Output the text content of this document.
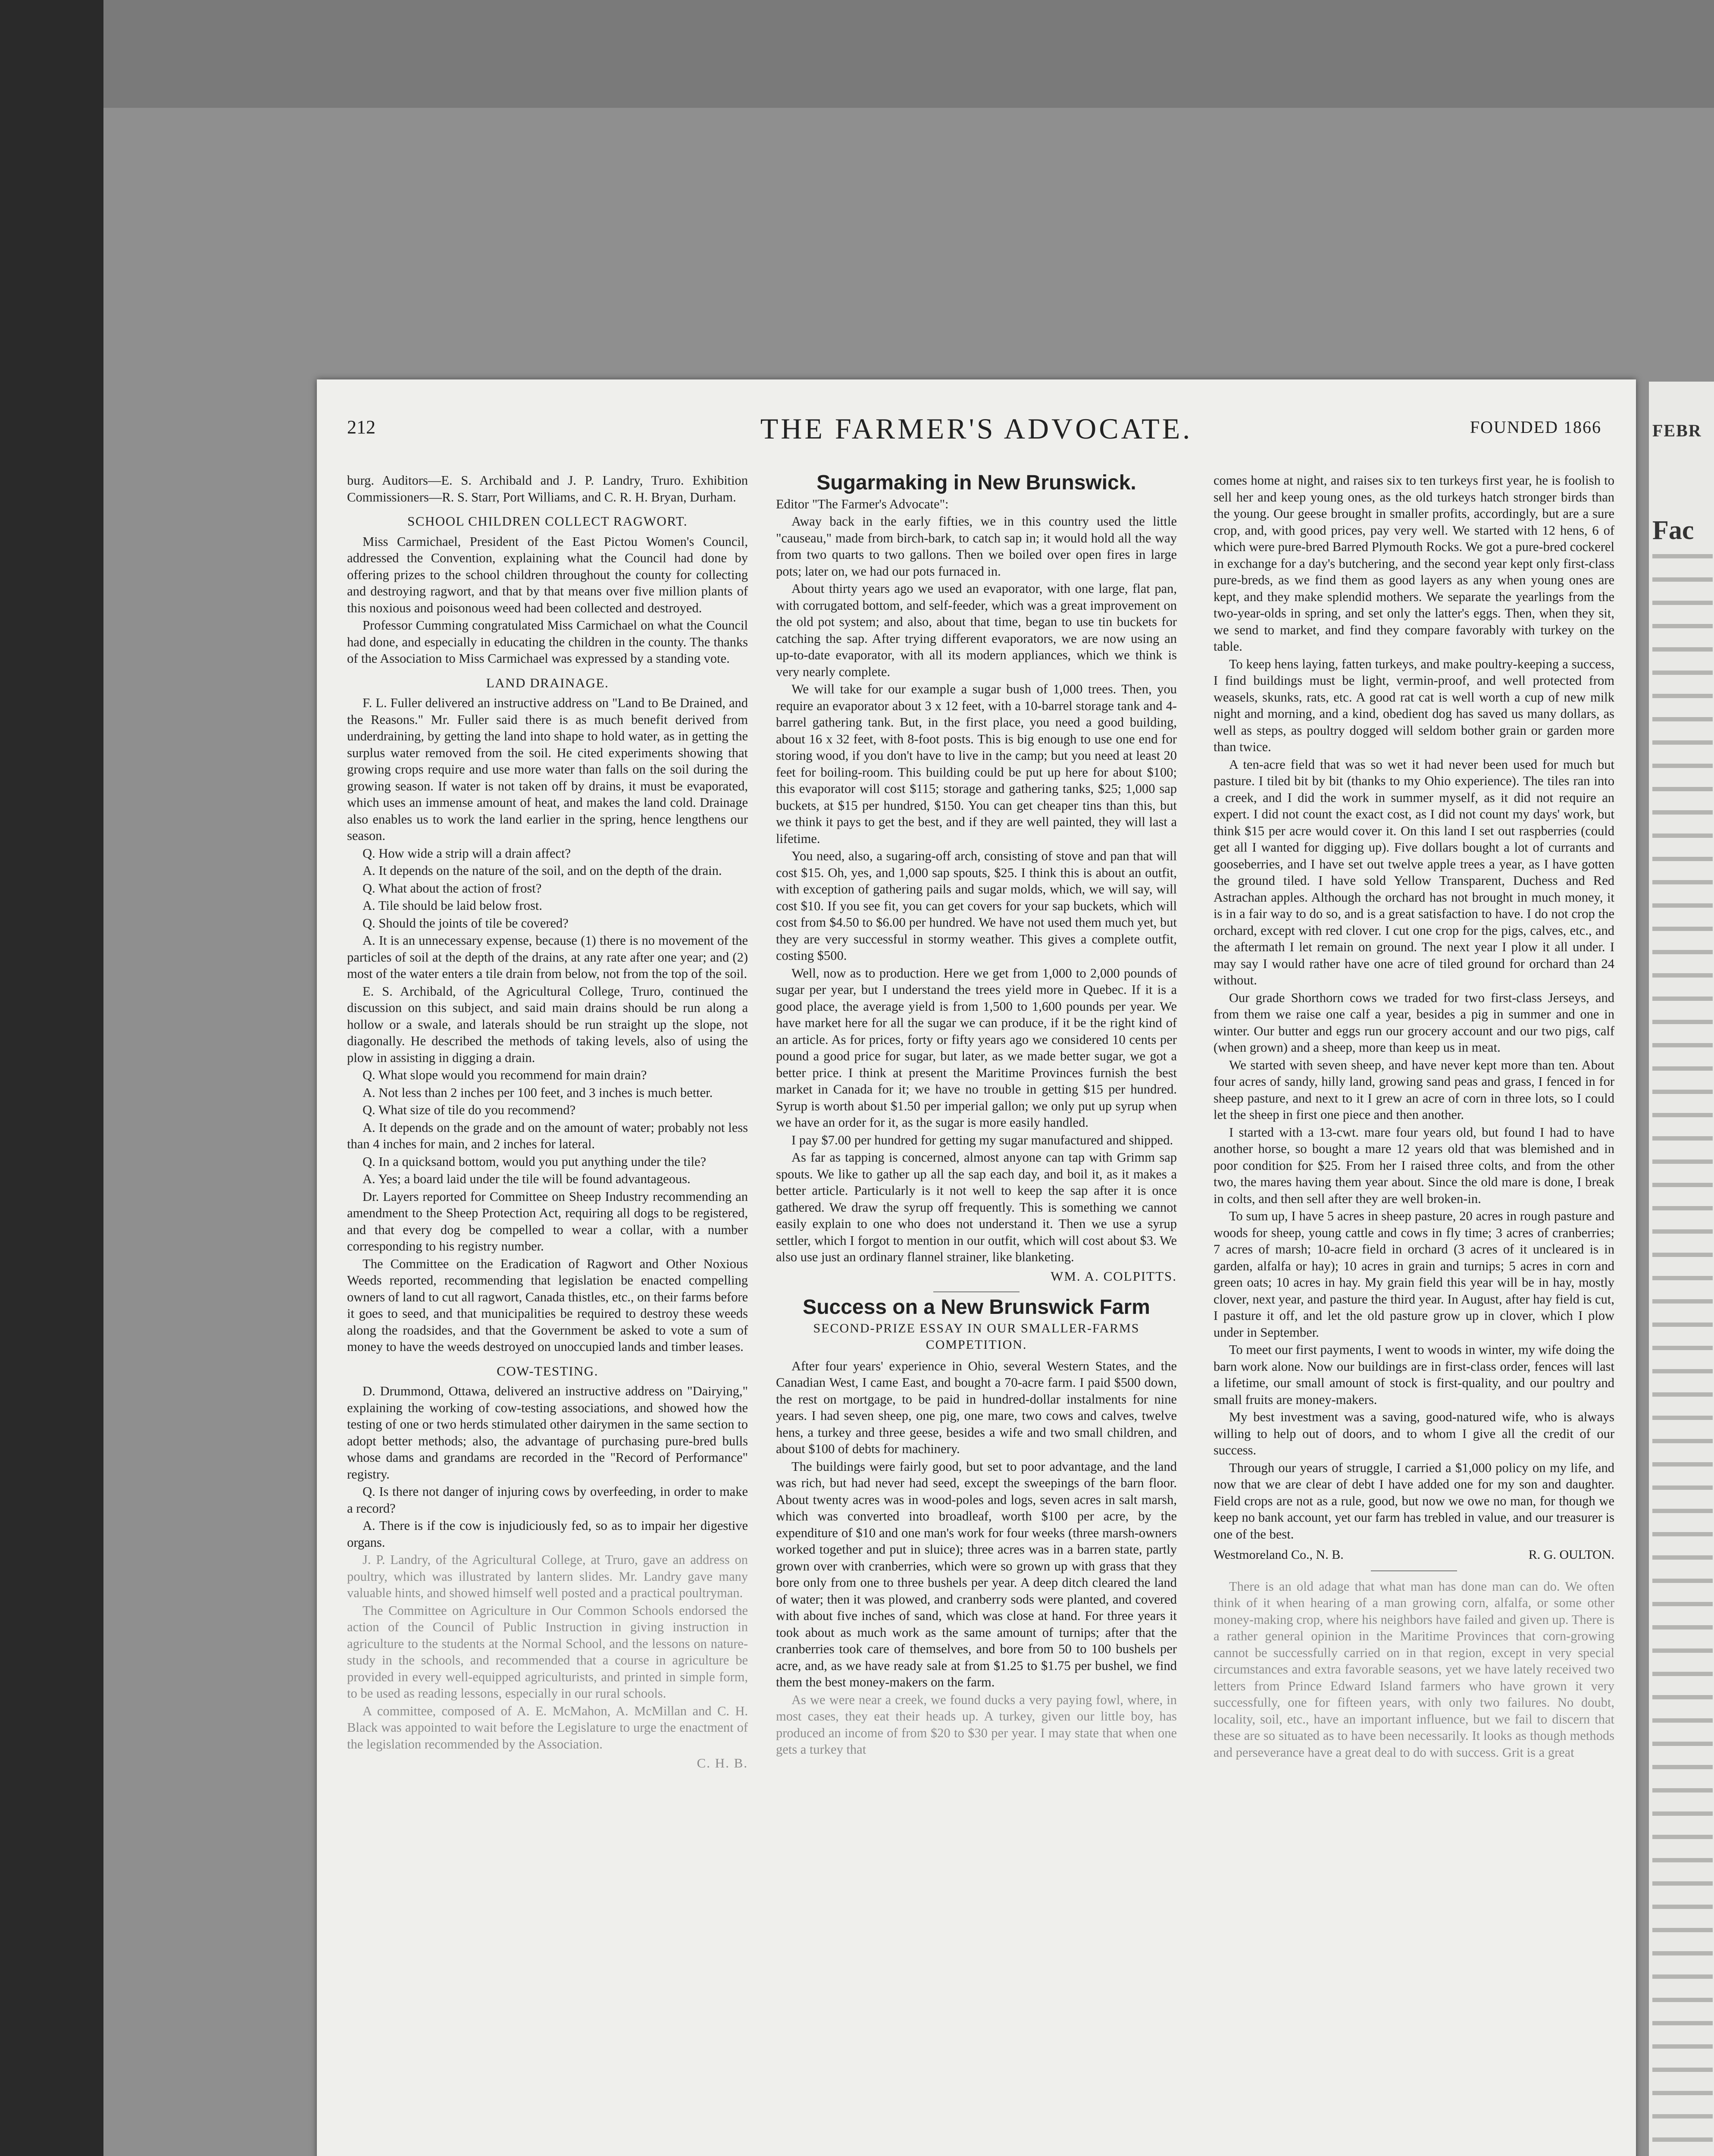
212	THE FARMER'S ADVOCATE.	FOUNDED 1866

burg. Auditors—E. S. Archibald and J. P. Landry, Truro. Exhibition Commissioners—R. S. Starr, Port Williams, and C. R. H. Bryan, Durham.

SCHOOL CHILDREN COLLECT RAGWORT.

Miss Carmichael, President of the East Pictou Women's Council, addressed the Convention, explaining what the Council had done by offering prizes to the school children throughout the county for collecting and destroying ragwort, and that by that means over five million plants of this noxious and poisonous weed had been collected and destroyed.

Professor Cumming congratulated Miss Carmichael on what the Council had done, and especially in educating the children in the county. The thanks of the Association to Miss Carmichael was expressed by a standing vote.

LAND DRAINAGE.

F. L. Fuller delivered an instructive address on "Land to Be Drained, and the Reasons." Mr. Fuller said there is as much benefit derived from underdraining, by getting the land into shape to hold water, as in getting the surplus water removed from the soil. He cited experiments showing that growing crops require and use more water than falls on the soil during the growing season. If water is not taken off by drains, it must be evaporated, which uses an immense amount of heat, and makes the land cold. Drainage also enables us to work the land earlier in the spring, hence lengthens our season.

Q. How wide a strip will a drain affect?

A. It depends on the nature of the soil, and on the depth of the drain.

Q. What about the action of frost?

A. Tile should be laid below frost.

Q. Should the joints of tile be covered?

A. It is an unnecessary expense, because (1) there is no movement of the particles of soil at the depth of the drains, at any rate after one year; and (2) most of the water enters a tile drain from below, not from the top of the soil.

E. S. Archibald, of the Agricultural College, Truro, continued the discussion on this subject, and said main drains should be run along a hollow or a swale, and laterals should be run straight up the slope, not diagonally. He described the methods of taking levels, also of using the plow in assisting in digging a drain.

Q. What slope would you recommend for main drain?

A. Not less than 2 inches per 100 feet, and 3 inches is much better.

Q. What size of tile do you recommend?

A. It depends on the grade and on the amount of water; probably not less than 4 inches for main, and 2 inches for lateral.

Q. In a quicksand bottom, would you put anything under the tile?

A. Yes; a board laid under the tile will be found advantageous.

Dr. Layers reported for Committee on Sheep Industry recommending an amendment to the Sheep Protection Act, requiring all dogs to be registered, and that every dog be compelled to wear a collar, with a number corresponding to his registry number.

The Committee on the Eradication of Ragwort and Other Noxious Weeds reported, recommending that legislation be enacted compelling owners of land to cut all ragwort, Canada thistles, etc., on their farms before it goes to seed, and that municipalities be required to destroy these weeds along the roadsides, and that the Government be asked to vote a sum of money to have the weeds destroyed on unoccupied lands and timber leases.

COW-TESTING.

D. Drummond, Ottawa, delivered an instructive address on "Dairying," explaining the working of cow-testing associations, and showed how the testing of one or two herds stimulated other dairymen in the same section to adopt better methods; also, the advantage of purchasing pure-bred bulls whose dams and grandams are recorded in the "Record of Performance" registry.

Q. Is there not danger of injuring cows by overfeeding, in order to make a record?

A. There is if the cow is injudiciously fed, so as to impair her digestive organs.

J. P. Landry, of the Agricultural College, at Truro, gave an address on poultry, which was illustrated by lantern slides. Mr. Landry gave many valuable hints, and showed himself well posted and a practical poultryman.

The Committee on Agriculture in Our Common Schools endorsed the action of the Council of Public Instruction in giving instruction in agriculture to the students at the Normal School, and the lessons on nature-study in the schools, and recommended that a course in agriculture be provided in every well-equipped agriculturists, and printed in simple form, to be used as reading lessons, especially in our rural schools.

A committee, composed of A. E. McMahon, A. McMillan and C. H. Black was appointed to wait before the Legislature to urge the enactment of the legislation recommended by the Association.

C. H. B.
Sugarmaking in New Brunswick.

Editor "The Farmer's Advocate":

Away back in the early fifties, we in this country used the little "causeau," made from birch-bark, to catch sap in; it would hold all the way from two quarts to two gallons. Then we boiled over open fires in large pots; later on, we had our pots furnaced in.

About thirty years ago we used an evaporator, with one large, flat pan, with corrugated bottom, and self-feeder, which was a great improvement on the old pot system; and also, about that time, began to use tin buckets for catching the sap. After trying different evaporators, we are now using an up-to-date evaporator, with all its modern appliances, which we think is very nearly complete.

We will take for our example a sugar bush of 1,000 trees. Then, you require an evaporator about 3 x 12 feet, with a 10-barrel storage tank and 4-barrel gathering tank. But, in the first place, you need a good building, about 16 x 32 feet, with 8-foot posts. This is big enough to use one end for storing wood, if you don't have to live in the camp; but you need at least 20 feet for boiling-room. This building could be put up here for about $100; this evaporator will cost $115; storage and gathering tanks, $25; 1,000 sap buckets, at $15 per hundred, $150. You can get cheaper tins than this, but we think it pays to get the best, and if they are well painted, they will last a lifetime.

You need, also, a sugaring-off arch, consisting of stove and pan that will cost $15. Oh, yes, and 1,000 sap spouts, $25. I think this is about an outfit, with exception of gathering pails and sugar molds, which, we will say, will cost $10. If you see fit, you can get covers for your sap buckets, which will cost from $4.50 to $6.00 per hundred. We have not used them much yet, but they are very successful in stormy weather. This gives a complete outfit, costing $500.

Well, now as to production. Here we get from 1,000 to 2,000 pounds of sugar per year, but I understand the trees yield more in Quebec. If it is a good place, the average yield is from 1,500 to 1,600 pounds per year. We have market here for all the sugar we can produce, if it be the right kind of an article. As for prices, forty or fifty years ago we considered 10 cents per pound a good price for sugar, but later, as we made better sugar, we got a better price. I think at present the Maritime Provinces furnish the best market in Canada for it; we have no trouble in getting $15 per hundred. Syrup is worth about $1.50 per imperial gallon; we only put up syrup when we have an order for it, as the sugar is more easily handled.

I pay $7.00 per hundred for getting my sugar manufactured and shipped.

As far as tapping is concerned, almost anyone can tap with Grimm sap spouts. We like to gather up all the sap each day, and boil it, as it makes a better article. Particularly is it not well to keep the sap after it is once gathered. We draw the syrup off frequently. This is something we cannot easily explain to one who does not understand it. Then we use a syrup settler, which I forgot to mention in our outfit, which will cost about $3. We also use just an ordinary flannel strainer, like blanketing.

WM. A. COLPITTS.
Success on a New Brunswick Farm
SECOND-PRIZE ESSAY IN OUR SMALLER-FARMS COMPETITION.

After four years' experience in Ohio, several Western States, and the Canadian West, I came East, and bought a 70-acre farm. I paid $500 down, the rest on mortgage, to be paid in hundred-dollar instalments for nine years. I had seven sheep, one pig, one mare, two cows and calves, twelve hens, a turkey and three geese, besides a wife and two small children, and about $100 of debts for machinery.

The buildings were fairly good, but set to poor advantage, and the land was rich, but had never had seed, except the sweepings of the barn floor. About twenty acres was in wood-poles and logs, seven acres in salt marsh, which was converted into broadleaf, worth $100 per acre, by the expenditure of $10 and one man's work for four weeks (three marsh-owners worked together and put in sluice); three acres was in a barren state, partly grown over with cranberries, which were so grown up with grass that they bore only from one to three bushels per year. A deep ditch cleared the land of water; then it was plowed, and cranberry sods were planted, and covered with about five inches of sand, which was close at hand. For three years it took about as much work as the same amount of turnips; after that the cranberries took care of themselves, and bore from 50 to 100 bushels per acre, and, as we have ready sale at from $1.25 to $1.75 per bushel, we find them the best money-makers on the farm.

As we were near a creek, we found ducks a very paying fowl, where, in most cases, they eat their heads up. A turkey, given our little boy, has produced an income of from $20 to $30 per year. I may state that when one gets a turkey that

comes home at night, and raises six to ten turkeys first year, he is foolish to sell her and keep young ones, as the old turkeys hatch stronger birds than the young. Our geese brought in smaller profits, accordingly, but are a sure crop, and, with good prices, pay very well. We started with 12 hens, 6 of which were pure-bred Barred Plymouth Rocks. We got a pure-bred cockerel in exchange for a day's butchering, and the second year kept only first-class pure-breds, as we find them as good layers as any when young ones are kept, and they make splendid mothers. We separate the yearlings from the two-year-olds in spring, and set only the latter's eggs. Then, when they sit, we send to market, and find they compare favorably with turkey on the table.

To keep hens laying, fatten turkeys, and make poultry-keeping a success, I find buildings must be light, vermin-proof, and well protected from weasels, skunks, rats, etc. A good rat cat is well worth a cup of new milk night and morning, and a kind, obedient dog has saved us many dollars, as well as steps, as poultry dogged will seldom bother grain or garden more than twice.

A ten-acre field that was so wet it had never been used for much but pasture. I tiled bit by bit (thanks to my Ohio experience). The tiles ran into a creek, and I did the work in summer myself, as it did not require an expert. I did not count the exact cost, as I did not count my days' work, but think $15 per acre would cover it. On this land I set out raspberries (could get all I wanted for digging up). Five dollars bought a lot of currants and gooseberries, and I have set out twelve apple trees a year, as I have gotten the ground tiled. I have sold Yellow Transparent, Duchess and Red Astrachan apples. Although the orchard has not brought in much money, it is in a fair way to do so, and is a great satisfaction to have. I do not crop the orchard, except with red clover. I cut one crop for the pigs, calves, etc., and the aftermath I let remain on ground. The next year I plow it all under. I may say I would rather have one acre of tiled ground for orchard than 24 without.

Our grade Shorthorn cows we traded for two first-class Jerseys, and from them we raise one calf a year, besides a pig in summer and one in winter. Our butter and eggs run our grocery account and our two pigs, calf (when grown) and a sheep, more than keep us in meat.

We started with seven sheep, and have never kept more than ten. About four acres of sandy, hilly land, growing sand peas and grass, I fenced in for sheep pasture, and next to it I grew an acre of corn in three lots, so I could let the sheep in first one piece and then another.

I started with a 13-cwt. mare four years old, but found I had to have another horse, so bought a mare 12 years old that was blemished and in poor condition for $25. From her I raised three colts, and from the other two, the mares having them year about. Since the old mare is done, I break in colts, and then sell after they are well broken-in.

To sum up, I have 5 acres in sheep pasture, 20 acres in rough pasture and woods for sheep, young cattle and cows in fly time; 3 acres of cranberries; 7 acres of marsh; 10-acre field in orchard (3 acres of it uncleared is in garden, alfalfa or hay); 10 acres in grain and turnips; 5 acres in corn and green oats; 10 acres in hay. My grain field this year will be in hay, mostly clover, next year, and pasture the third year. In August, after hay field is cut, I pasture it off, and let the old pasture grow up in clover, which I plow under in September.

To meet our first payments, I went to woods in winter, my wife doing the barn work alone. Now our buildings are in first-class order, fences will last a lifetime, our small amount of stock is first-quality, and our poultry and small fruits are money-makers.

My best investment was a saving, good-natured wife, who is always willing to help out of doors, and to whom I give all the credit of our success.

Through our years of struggle, I carried a $1,000 policy on my life, and now that we are clear of debt I have added one for my son and daughter. Field crops are not as a rule, good, but now we owe no man, for though we keep no bank account, yet our farm has trebled in value, and our treasurer is one of the best.

Westmoreland Co., N. B.	R. G. OULTON.

There is an old adage that what man has done man can do. We often think of it when hearing of a man growing corn, alfalfa, or some other money-making crop, where his neighbors have failed and given up. There is a rather general opinion in the Maritime Provinces that corn-growing cannot be successfully carried on in that region, except in very special circumstances and extra favorable seasons, yet we have lately received two letters from Prince Edward Island farmers who have grown it very successfully, one for fifteen years, with only two failures. No doubt, locality, soil, etc., have an important influence, but we fail to discern that these are so situated as to have been necessarily. It looks as though methods and perseverance have a great deal to do with success. Grit is a great

FEBR
Fac
